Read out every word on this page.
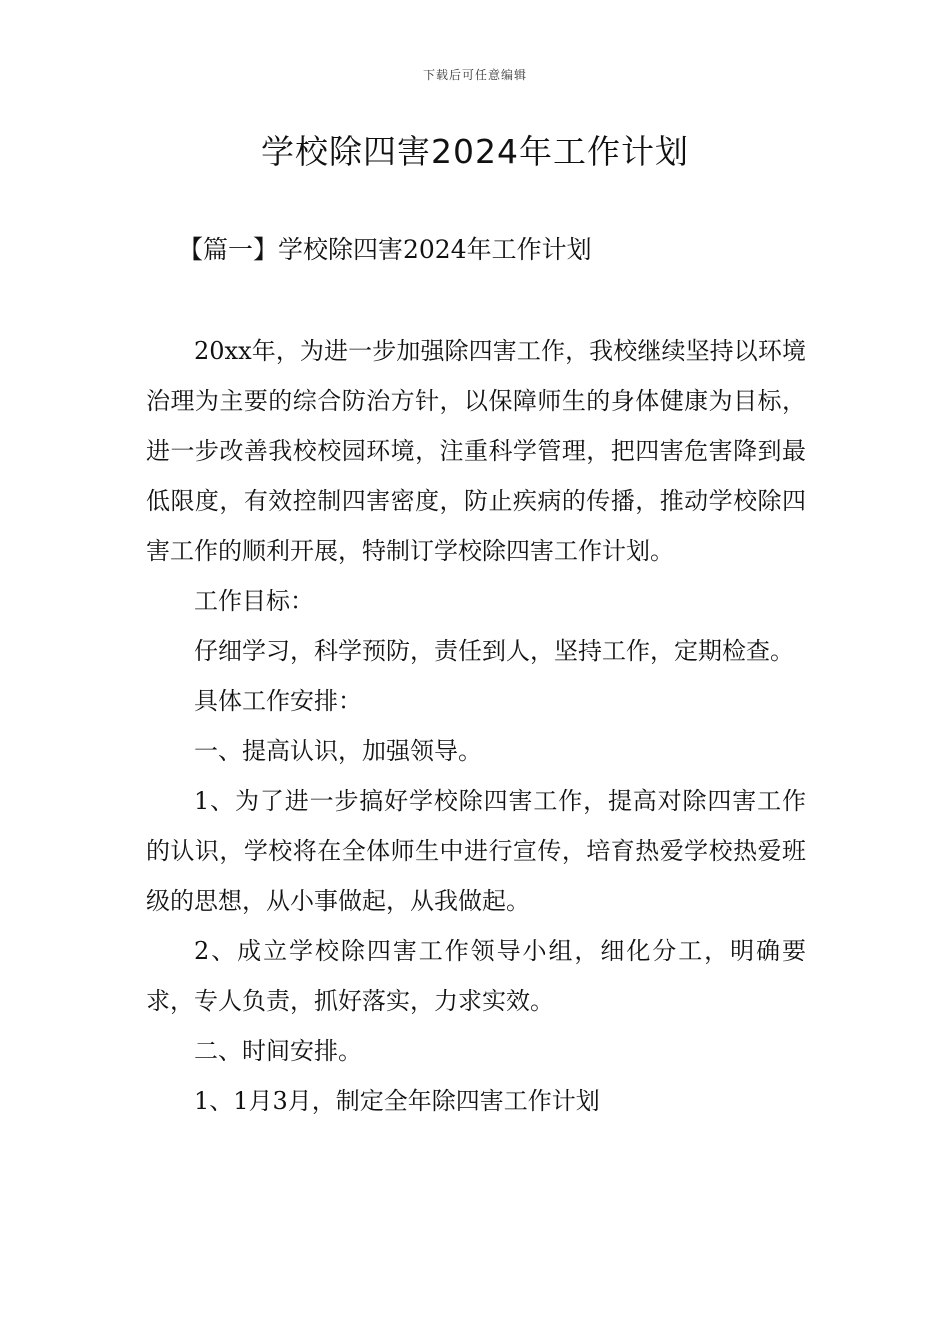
下载后可任意编辑
学校除四害2024年工作计划
【篇一】学校除四害2024年工作计划

20xx年，为进一步加强除四害工作，我校继续坚持以环境治理为主要的综合防治方针，以保障师生的身体健康为目标，进一步改善我校校园环境，注重科学管理，把四害危害降到最低限度，有效控制四害密度，防止疾病的传播，推动学校除四害工作的顺利开展，特制订学校除四害工作计划。

工作目标：

仔细学习，科学预防，责任到人，坚持工作，定期检查。

具体工作安排：

一、提高认识，加强领导。

1、为了进一步搞好学校除四害工作，提高对除四害工作的认识，学校将在全体师生中进行宣传，培育热爱学校热爱班级的思想，从小事做起，从我做起。

2、成立学校除四害工作领导小组，细化分工，明确要求，专人负责，抓好落实，力求实效。

二、时间安排。

1、1月3月，制定全年除四害工作计划
